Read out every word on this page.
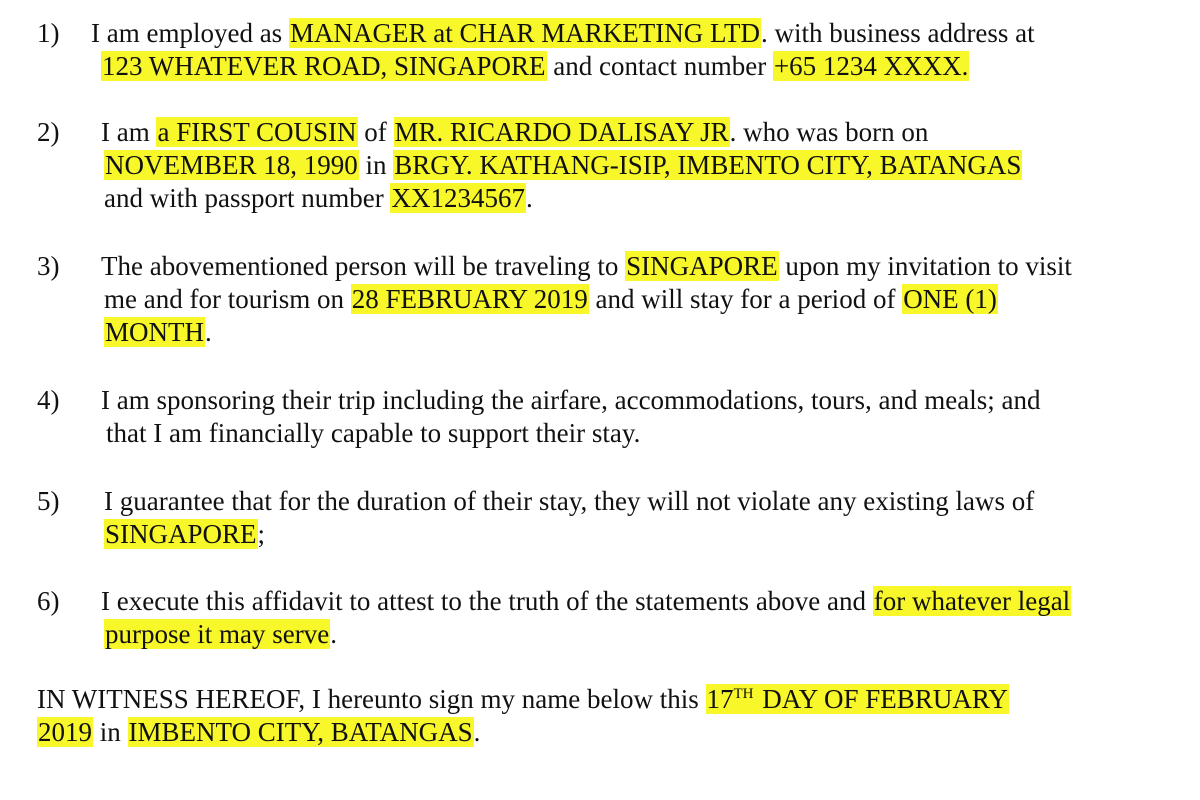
1) I am employed as MANAGER at CHAR MARKETING LTD. with business address at
123 WHATEVER ROAD, SINGAPORE and contact number +65 1234 XXXX.
2) I am a FIRST COUSIN of MR. RICARDO DALISAY JR. who was born on
NOVEMBER 18, 1990 in BRGY. KATHANG-ISIP, IMBENTO CITY, BATANGAS
and with passport number XX1234567.
3) The abovementioned person will be traveling to SINGAPORE upon my invitation to visit
me and for tourism on 28 FEBRUARY 2019 and will stay for a period of ONE (1)
MONTH.
4) I am sponsoring their trip including the airfare, accommodations, tours, and meals; and
that I am financially capable to support their stay.
5) I guarantee that for the duration of their stay, they will not violate any existing laws of
SINGAPORE;
6) I execute this affidavit to attest to the truth of the statements above and for whatever legal
purpose it may serve.
IN WITNESS HEREOF, I hereunto sign my name below this 17TH DAY OF FEBRUARY
2019 in IMBENTO CITY, BATANGAS.
